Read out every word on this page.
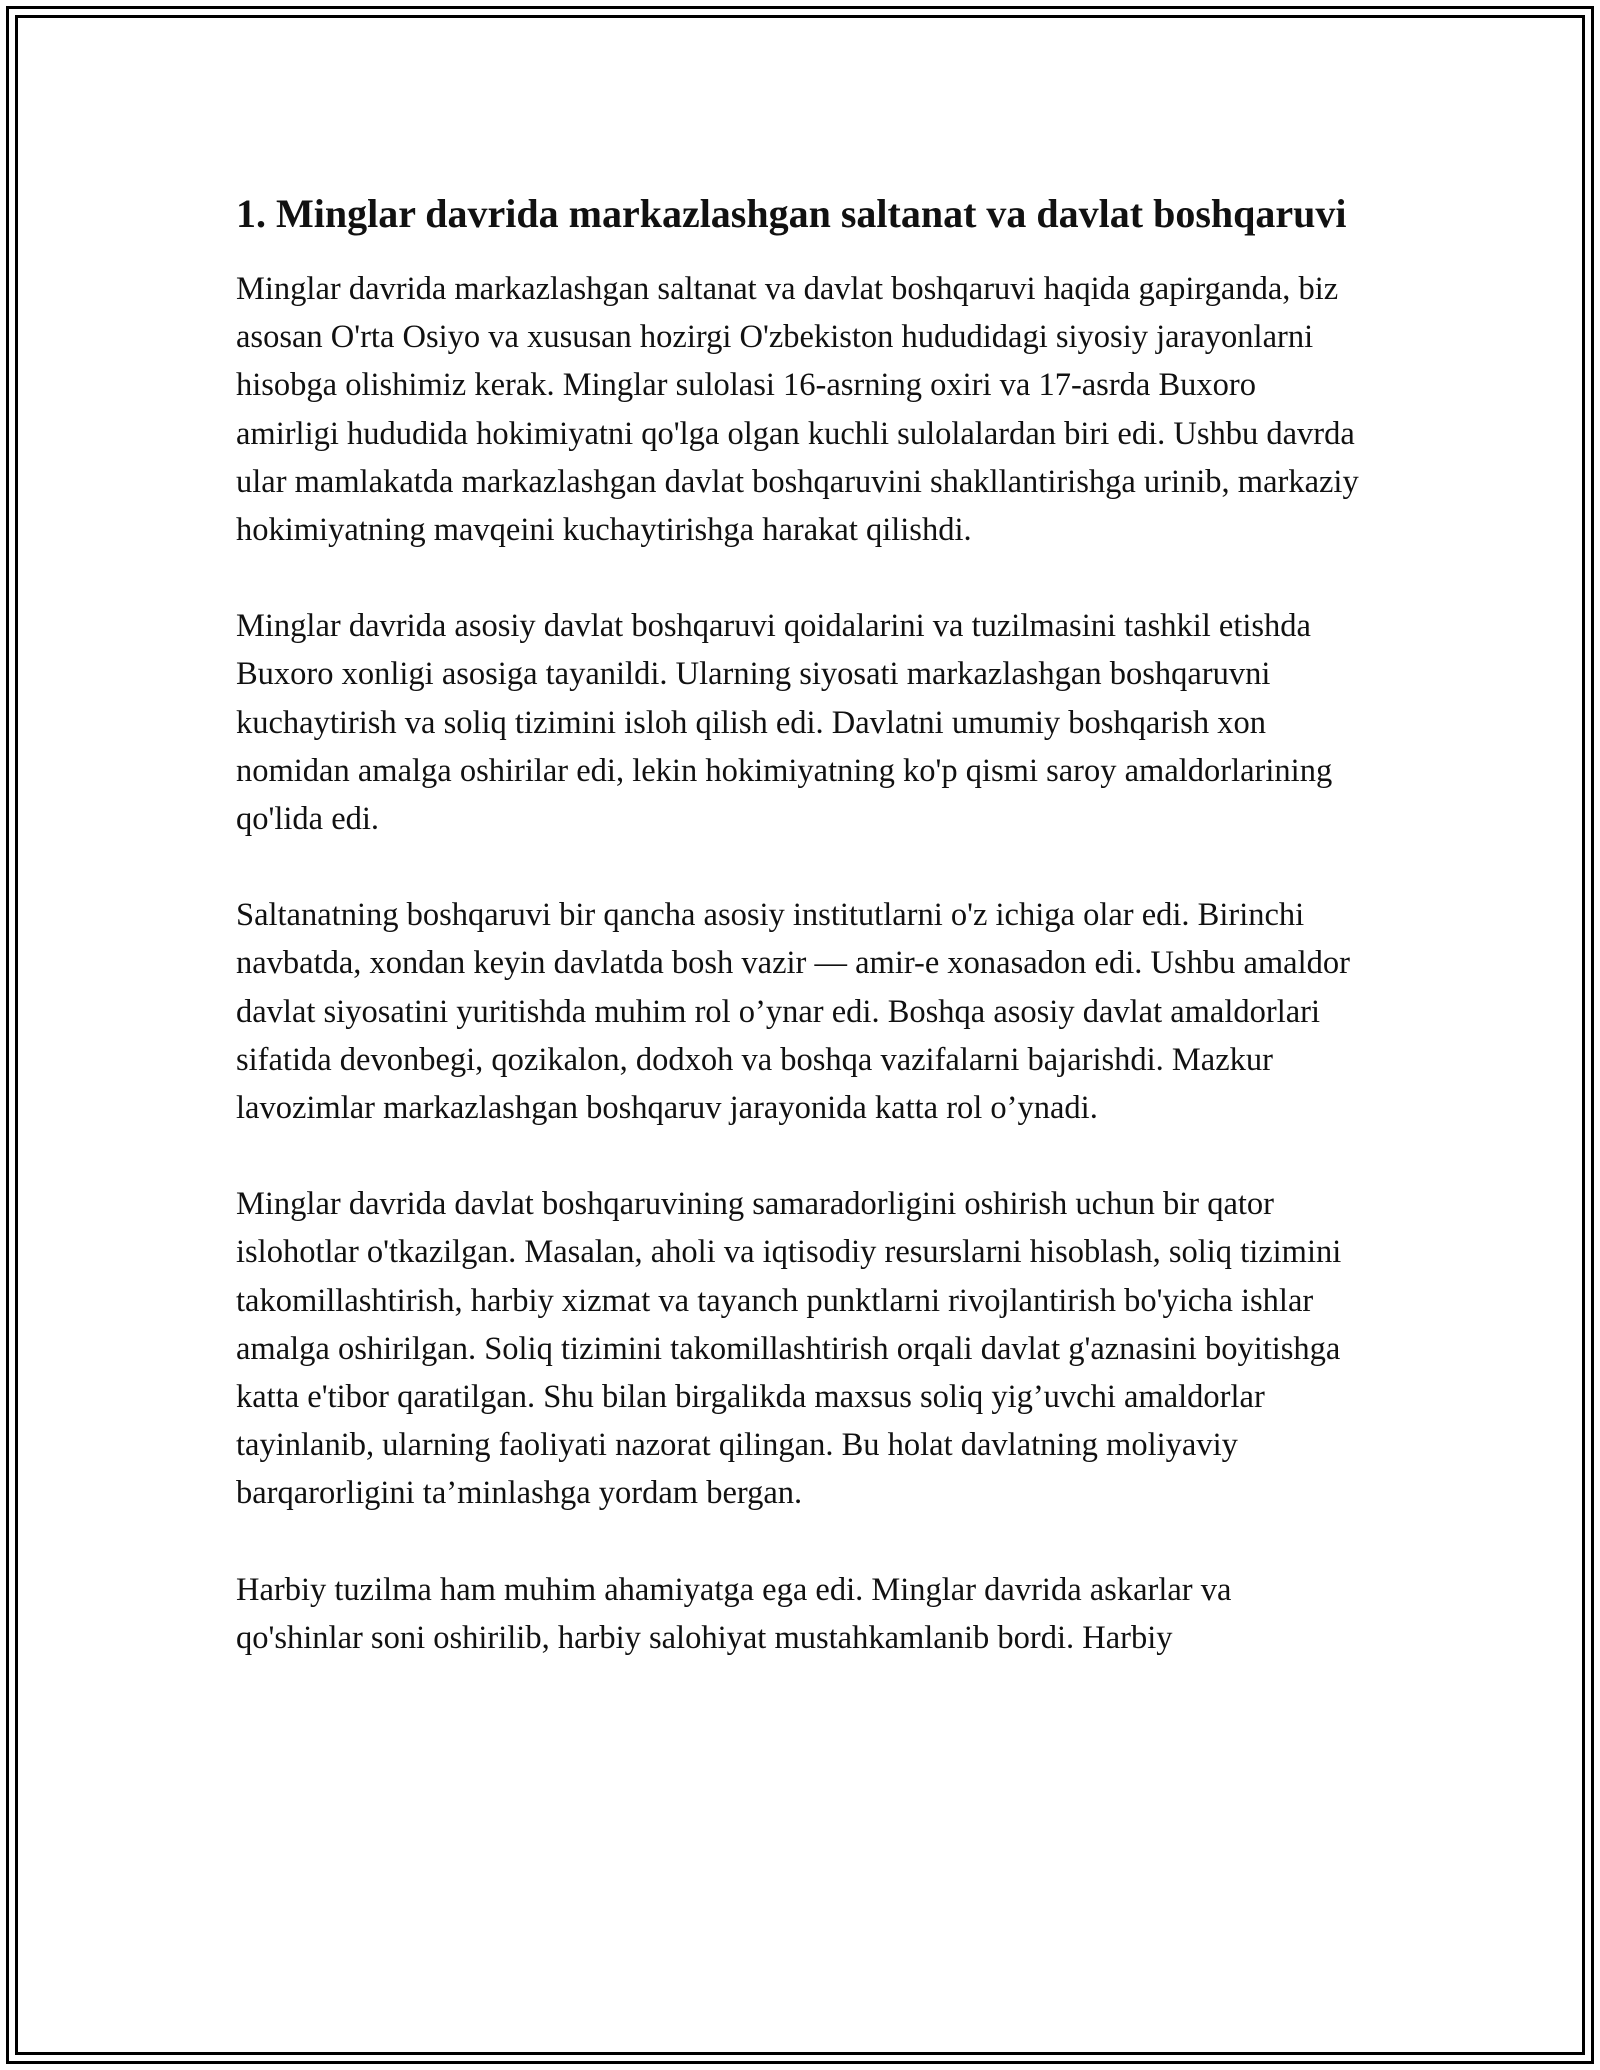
1. Minglar davrida markazlashgan saltanat va davlat boshqaruvi

Minglar davrida markazlashgan saltanat va davlat boshqaruvi haqida gapirganda, biz asosan O'rta Osiyo va xususan hozirgi O'zbekiston hududidagi siyosiy jarayonlarni hisobga olishimiz kerak. Minglar sulolasi 16-asrning oxiri va 17-asrda Buxoro amirligi hududida hokimiyatni qo'lga olgan kuchli sulolalardan biri edi. Ushbu davrda ular mamlakatda markazlashgan davlat boshqaruvini shakllantirishga urinib, markaziy hokimiyatning mavqeini kuchaytirishga harakat qilishdi.

Minglar davrida asosiy davlat boshqaruvi qoidalarini va tuzilmasini tashkil etishda Buxoro xonligi asosiga tayanildi. Ularning siyosati markazlashgan boshqaruvni kuchaytirish va soliq tizimini isloh qilish edi. Davlatni umumiy boshqarish xon nomidan amalga oshirilar edi, lekin hokimiyatning ko'p qismi saroy amaldorlarining qo'lida edi.

Saltanatning boshqaruvi bir qancha asosiy institutlarni o'z ichiga olar edi. Birinchi navbatda, xondan keyin davlatda bosh vazir — amir-e xonasadon edi. Ushbu amaldor davlat siyosatini yuritishda muhim rol o’ynar edi. Boshqa asosiy davlat amaldorlari sifatida devonbegi, qozikalon, dodxoh va boshqa vazifalarni bajarishdi. Mazkur lavozimlar markazlashgan boshqaruv jarayonida katta rol o’ynadi.

Minglar davrida davlat boshqaruvining samaradorligini oshirish uchun bir qator islohotlar o'tkazilgan. Masalan, aholi va iqtisodiy resurslarni hisoblash, soliq tizimini takomillashtirish, harbiy xizmat va tayanch punktlarni rivojlantirish bo'yicha ishlar amalga oshirilgan. Soliq tizimini takomillashtirish orqali davlat g'aznasini boyitishga katta e'tibor qaratilgan. Shu bilan birgalikda maxsus soliq yig’uvchi amaldorlar tayinlanib, ularning faoliyati nazorat qilingan. Bu holat davlatning moliyaviy barqarorligini ta’minlashga yordam bergan.

Harbiy tuzilma ham muhim ahamiyatga ega edi. Minglar davrida askarlar va qo'shinlar soni oshirilib, harbiy salohiyat mustahkamlanib bordi. Harbiy
